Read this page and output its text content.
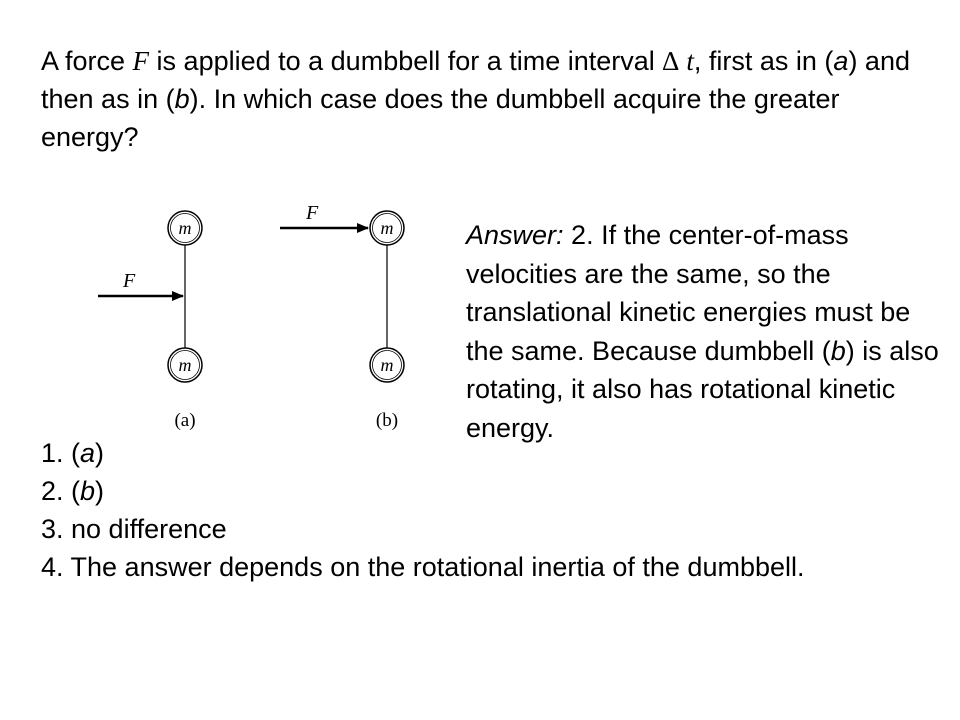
A force F is applied to a dumbbell for a time interval ∆ t, first as in (a) and then as in (b). In which case does the dumbbell acquire the greater energy?

m
m
F
(a)
m
m
F
(b)
Answer: 2. If the center-of-mass velocities are the same, so the translational kinetic energies must be the same. Because dumbbell (b) is also rotating, it also has rotational kinetic energy.
1. (a)
2. (b)
3. no difference
4. The answer depends on the rotational inertia of the dumbbell.
